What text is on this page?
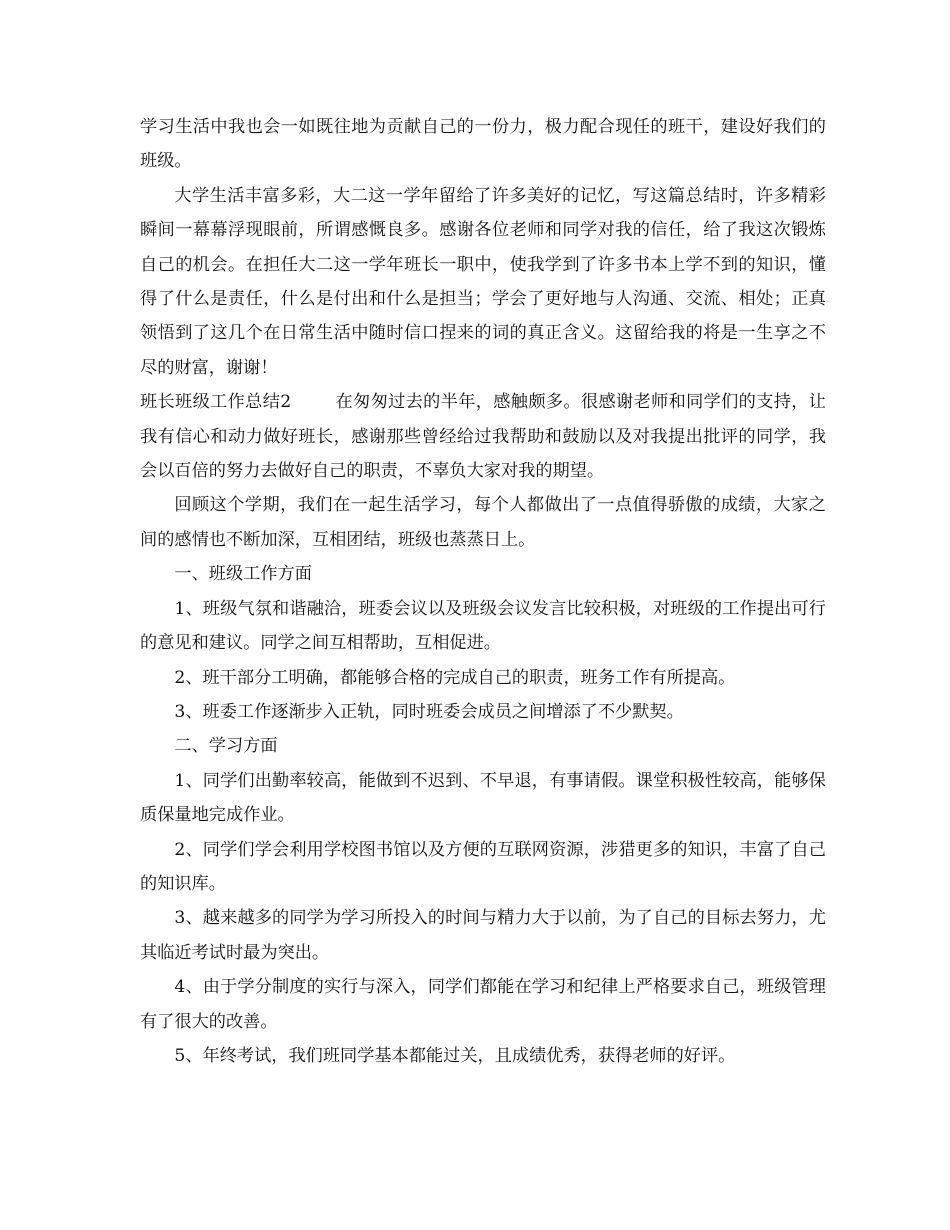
学习生活中我也会一如既往地为贡献自己的一份力，极力配合现任的班干，建设好我们的班级。

大学生活丰富多彩，大二这一学年留给了许多美好的记忆，写这篇总结时，许多精彩瞬间一幕幕浮现眼前，所谓感慨良多。感谢各位老师和同学对我的信任，给了我这次锻炼自己的机会。在担任大二这一学年班长一职中，使我学到了许多书本上学不到的知识，懂得了什么是责任，什么是付出和什么是担当；学会了更好地与人沟通、交流、相处；正真领悟到了这几个在日常生活中随时信口捏来的词的真正含义。这留给我的将是一生享之不尽的财富，谢谢！

班长班级工作总结2	在匆匆过去的半年，感触颇多。很感谢老师和同学们的支持，让我有信心和动力做好班长，感谢那些曾经给过我帮助和鼓励以及对我提出批评的同学，我会以百倍的努力去做好自己的职责，不辜负大家对我的期望。

回顾这个学期，我们在一起生活学习，每个人都做出了一点值得骄傲的成绩，大家之间的感情也不断加深，互相团结，班级也蒸蒸日上。

一、班级工作方面

1、班级气氛和谐融洽，班委会议以及班级会议发言比较积极，对班级的工作提出可行的意见和建议。同学之间互相帮助，互相促进。

2、班干部分工明确，都能够合格的完成自己的职责，班务工作有所提高。

3、班委工作逐渐步入正轨，同时班委会成员之间增添了不少默契。

二、学习方面

1、同学们出勤率较高，能做到不迟到、不早退，有事请假。课堂积极性较高，能够保质保量地完成作业。

2、同学们学会利用学校图书馆以及方便的互联网资源，涉猎更多的知识，丰富了自己的知识库。

3、越来越多的同学为学习所投入的时间与精力大于以前，为了自己的目标去努力，尤其临近考试时最为突出。

4、由于学分制度的实行与深入，同学们都能在学习和纪律上严格要求自己，班级管理有了很大的改善。

5、年终考试，我们班同学基本都能过关，且成绩优秀，获得老师的好评。
